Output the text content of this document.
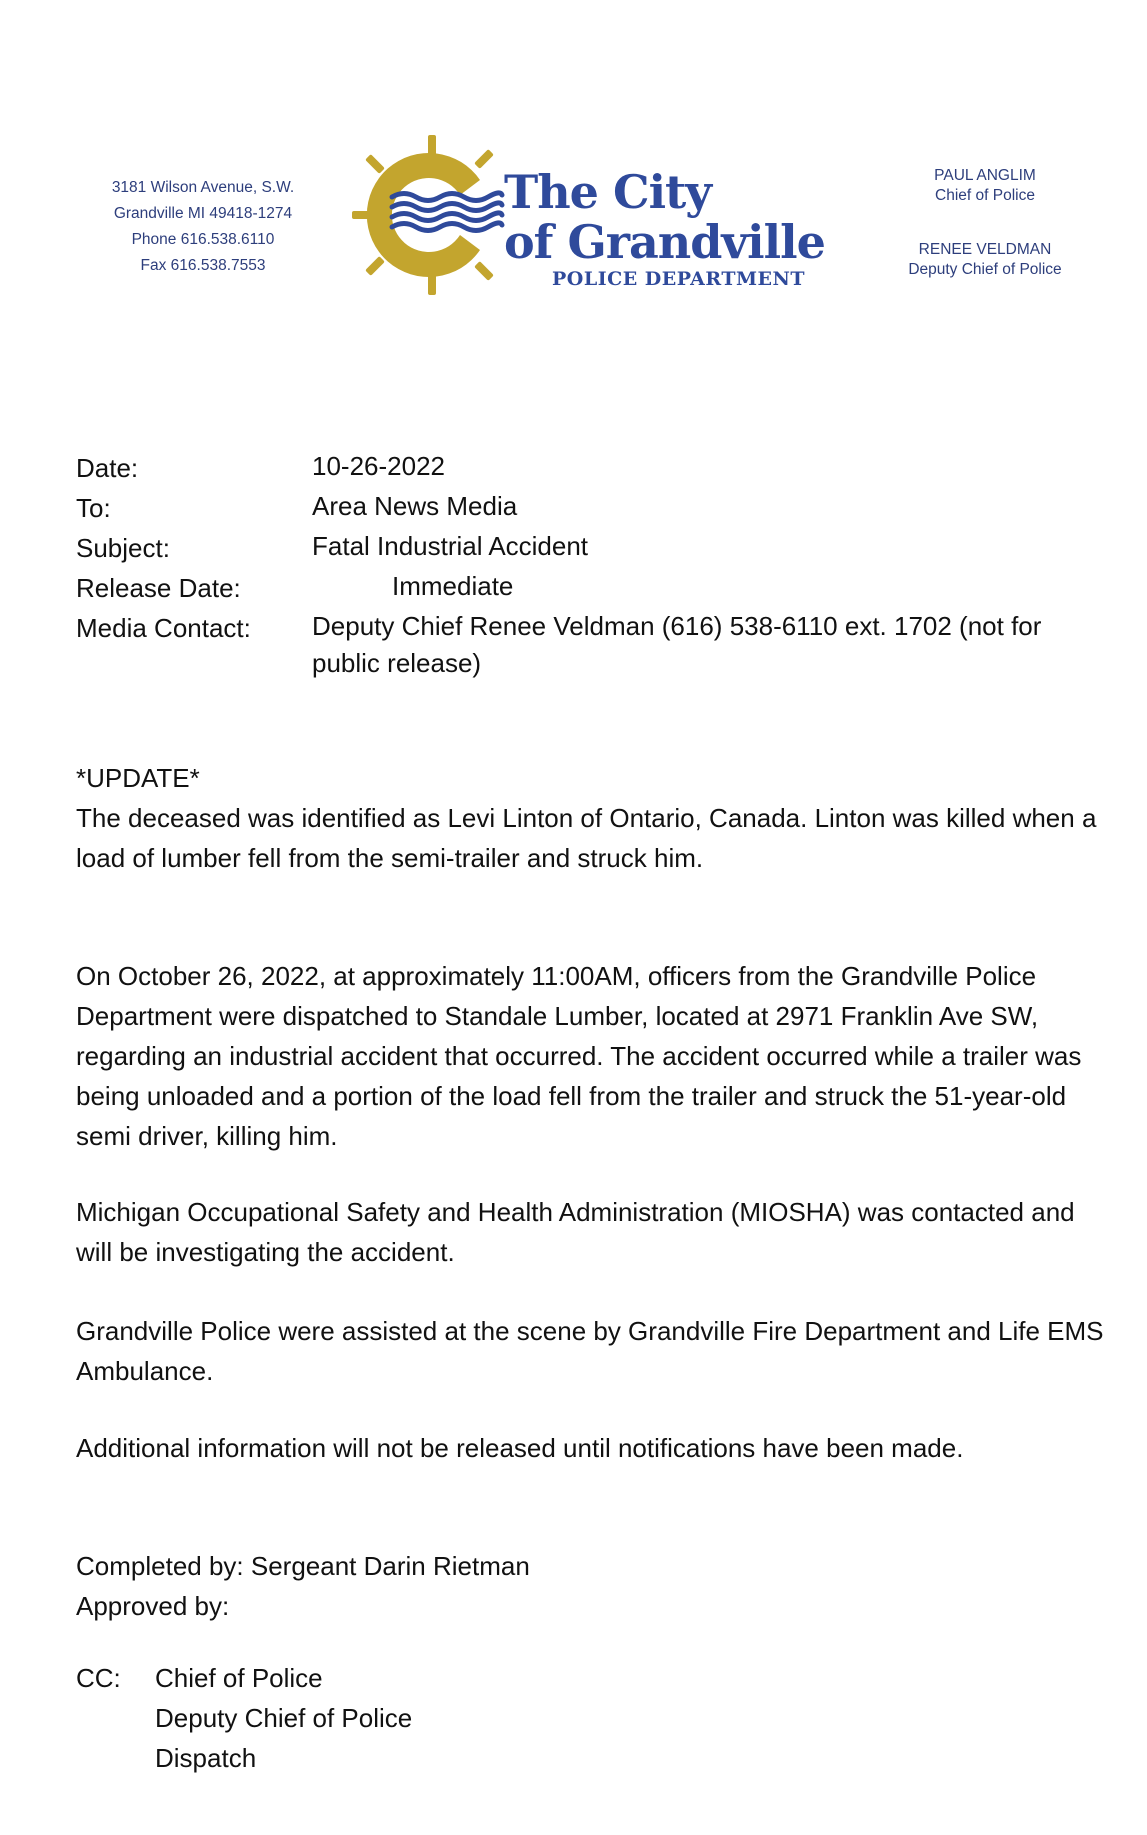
3181 Wilson Avenue, S.W.
Grandville MI 49418-1274
Phone 616.538.6110
Fax 616.538.7553
The City
of Grandville
POLICE DEPARTMENT
PAUL ANGLIM
Chief of Police
RENEE VELDMAN
Deputy Chief of Police
Date:	10-26-2022
To:	Area News Media
Subject:	Fatal Industrial Accident
Release Date:	Immediate
Media Contact:	Deputy Chief Renee Veldman (616) 538-6110 ext. 1702 (not for public release)
*UPDATE*
The deceased was identified as Levi Linton of Ontario, Canada. Linton was killed when a load of lumber fell from the semi-trailer and struck him.

On October 26, 2022, at approximately 11:00AM, officers from the Grandville Police Department were dispatched to Standale Lumber, located at 2971 Franklin Ave SW, regarding an industrial accident that occurred. The accident occurred while a trailer was being unloaded and a portion of the load fell from the trailer and struck the 51-year-old semi driver, killing him.

Michigan Occupational Safety and Health Administration (MIOSHA) was contacted and will be investigating the accident.

Grandville Police were assisted at the scene by Grandville Fire Department and Life EMS Ambulance.

Additional information will not be released until notifications have been made.

Completed by: Sergeant Darin Rietman
Approved by:
CC:	Chief of Police
Deputy Chief of Police
Dispatch
